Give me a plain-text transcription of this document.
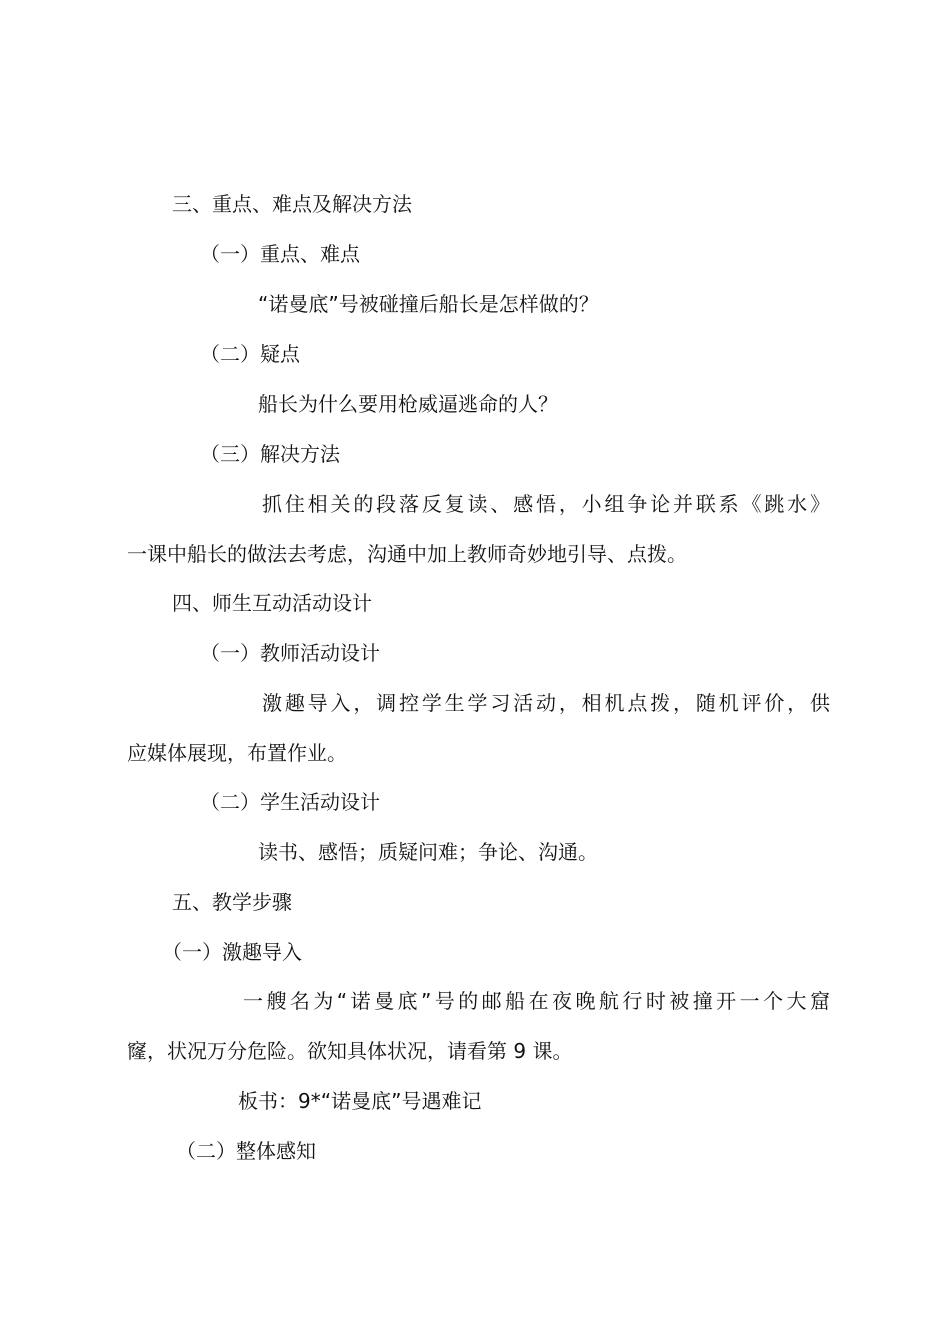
三、重点、难点及解决方法
（一）重点、难点
“诺曼底”号被碰撞后船长是怎样做的？
（二）疑点
船长为什么要用枪威逼逃命的人？
（三）解决方法
抓住相关的段落反复读、感悟，小组争论并联系《跳水》
一课中船长的做法去考虑，沟通中加上教师奇妙地引导、点拨。
四、师生互动活动设计
（一）教师活动设计
激趣导入，调控学生学习活动，相机点拨，随机评价，供
应媒体展现，布置作业。
（二）学生活动设计
读书、感悟；质疑问难；争论、沟通。
五、教学步骤
（一）激趣导入
一艘名为“诺曼底”号的邮船在夜晚航行时被撞开一个大窟
窿，状况万分危险。欲知具体状况，请看第 9 课。
板书：9*“诺曼底”号遇难记
（二）整体感知
